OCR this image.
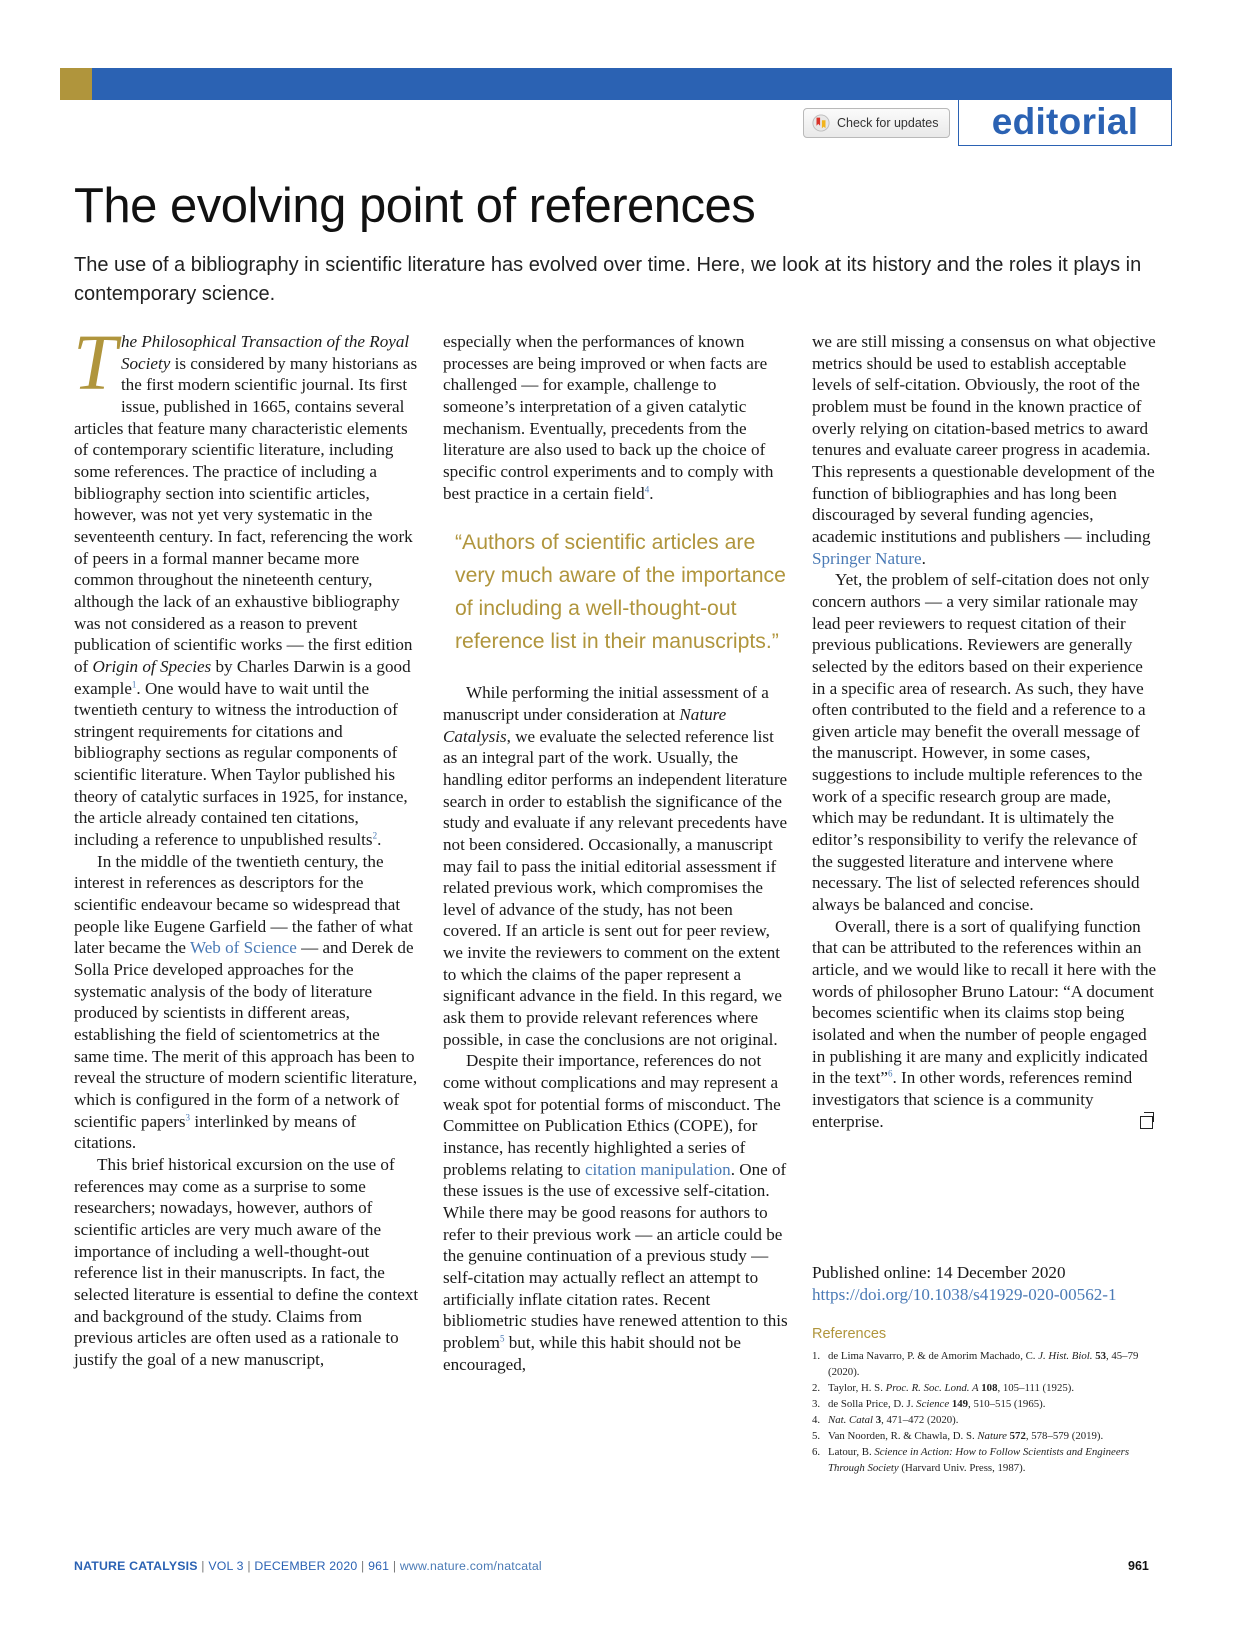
Check for updates	editorial
The evolving point of references

The use of a bibliography in scientific literature has evolved over time. Here, we look at its history and the roles it plays in contemporary science.

The Philosophical Transaction of the Royal Society is considered by many historians as the first modern scientific journal. Its first issue, published in 1665, contains several articles that feature many characteristic elements of contemporary scientific literature, including some references. The practice of including a bibliography section into scientific articles, however, was not yet very systematic in the seventeenth century. In fact, referencing the work of peers in a formal manner became more common throughout the nineteenth century, although the lack of an exhaustive bibliography was not considered as a reason to prevent publication of scientific works — the first edition of Origin of Species by Charles Darwin is a good example$^1$. One would have to wait until the twentieth century to witness the introduction of stringent requirements for citations and bibliography sections as regular components of scientific literature. When Taylor published his theory of catalytic surfaces in 1925, for instance, the article already contained ten citations, including a reference to unpublished results$^2$.

In the middle of the twentieth century, the interest in references as descriptors for the scientific endeavour became so widespread that people like Eugene Garfield — the father of what later became the Web of Science — and Derek de Solla Price developed approaches for the systematic analysis of the body of literature produced by scientists in different areas, establishing the field of scientometrics at the same time. The merit of this approach has been to reveal the structure of modern scientific literature, which is configured in the form of a network of scientific papers$^3$ interlinked by means of citations.

This brief historical excursion on the use of references may come as a surprise to some researchers; nowadays, however, authors of scientific articles are very much aware of the importance of including a well-thought-out reference list in their manuscripts. In fact, the selected literature is essential to define the context and background of the study. Claims from previous articles are often used as a rationale to justify the goal of a new manuscript,

especially when the performances of known processes are being improved or when facts are challenged — for example, challenge to someone’s interpretation of a given catalytic mechanism. Eventually, precedents from the literature are also used to back up the choice of specific control experiments and to comply with best practice in a certain field$^4$.

“Authors of scientific articles are very much aware of the importance of including a well-thought-out reference list in their manuscripts.”

While performing the initial assessment of a manuscript under consideration at Nature Catalysis, we evaluate the selected reference list as an integral part of the work. Usually, the handling editor performs an independent literature search in order to establish the significance of the study and evaluate if any relevant precedents have not been considered. Occasionally, a manuscript may fail to pass the initial editorial assessment if related previous work, which compromises the level of advance of the study, has not been covered. If an article is sent out for peer review, we invite the reviewers to comment on the extent to which the claims of the paper represent a significant advance in the field. In this regard, we ask them to provide relevant references where possible, in case the conclusions are not original.

Despite their importance, references do not come without complications and may represent a weak spot for potential forms of misconduct. The Committee on Publication Ethics (COPE), for instance, has recently highlighted a series of problems relating to citation manipulation. One of these issues is the use of excessive self-citation. While there may be good reasons for authors to refer to their previous work — an article could be the genuine continuation of a previous study — self-citation may actually reflect an attempt to artificially inflate citation rates. Recent bibliometric studies have renewed attention to this problem$^5$ but, while this habit should not be encouraged,

we are still missing a consensus on what objective metrics should be used to establish acceptable levels of self-citation. Obviously, the root of the problem must be found in the known practice of overly relying on citation-based metrics to award tenures and evaluate career progress in academia. This represents a questionable development of the function of bibliographies and has long been discouraged by several funding agencies, academic institutions and publishers — including Springer Nature.

Yet, the problem of self-citation does not only concern authors — a very similar rationale may lead peer reviewers to request citation of their previous publications. Reviewers are generally selected by the editors based on their experience in a specific area of research. As such, they have often contributed to the field and a reference to a given article may benefit the overall message of the manuscript. However, in some cases, suggestions to include multiple references to the work of a specific research group are made, which may be redundant. It is ultimately the editor’s responsibility to verify the relevance of the suggested literature and intervene where necessary. The list of selected references should always be balanced and concise.

Overall, there is a sort of qualifying function that can be attributed to the references within an article, and we would like to recall it here with the words of philosopher Bruno Latour: “A document becomes scientific when its claims stop being isolated and when the number of people engaged in publishing it are many and explicitly indicated in the text”$^6$. In other words, references remind investigators that science is a community enterprise.

Published online: 14 December 2020
https://doi.org/10.1038/s41929-020-00562-1
References
1. de Lima Navarro, P. & de Amorim Machado, C. J. Hist. Biol. 53, 45–79 (2020).
2. Taylor, H. S. Proc. R. Soc. Lond. A 108, 105–111 (1925).
3. de Solla Price, D. J. Science 149, 510–515 (1965).
4. Nat. Catal 3, 471–472 (2020).
5. Van Noorden, R. & Chawla, D. S. Nature 572, 578–579 (2019).
6. Latour, B. Science in Action: How to Follow Scientists and Engineers Through Society (Harvard Univ. Press, 1987).
NATURE CATALYSIS | VOL 3 | DECEMBER 2020 | 961 | www.nature.com/natcatal	961
